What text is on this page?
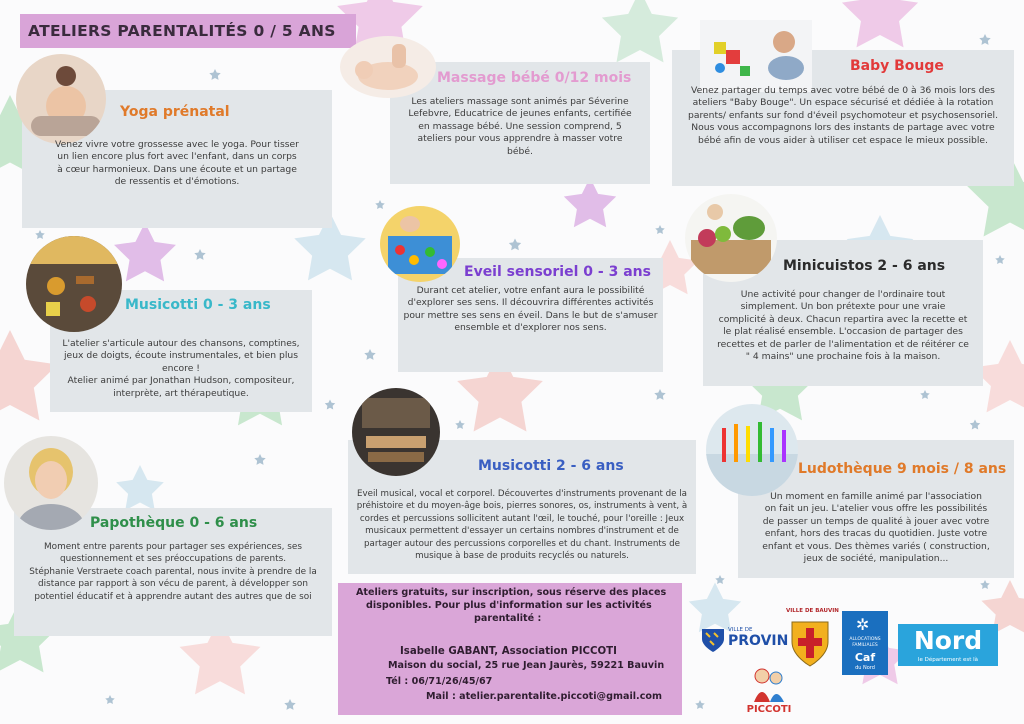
ATELIERS PARENTALITÉS 0 / 5 ANS
Yoga prénatal
Venez vivre votre grossesse avec le yoga. Pour tisser
un lien encore plus fort avec l'enfant, dans un corps
à cœur harmonieux. Dans une écoute et un partage
de ressentis et d'émotions.
Massage bébé 0/12 mois
Les ateliers massage sont animés par Séverine
Lefebvre, Educatrice de jeunes enfants, certifiée
en massage bébé. Une session comprend, 5
ateliers pour vous apprendre à masser votre
bébé.
Baby Bouge
Venez partager du temps avec votre bébé de 0 à 36 mois lors des
ateliers "Baby Bouge". Un espace sécurisé et dédiée à la rotation
parents/ enfants sur fond d'éveil psychomoteur et psychosensoriel.
Nous vous accompagnons lors des instants de partage avec votre
bébé afin de vous aider à utiliser cet espace le mieux possible.
Eveil sensoriel 0 - 3 ans
Durant cet atelier, votre enfant aura le possibilité
d'explorer ses sens. Il découvrira différentes activités
pour mettre ses sens en éveil. Dans le but de s'amuser
ensemble et d'explorer nos sens.
Minicuistos 2 - 6 ans
Une activité pour changer de l'ordinaire tout
simplement. Un bon prétexte pour une vraie
complicité à deux. Chacun repartira avec la recette et
le plat réalisé ensemble. L'occasion de partager des
recettes et de parler de l'alimentation et de réitérer ce
" 4 mains" une prochaine fois à la maison.
Musicotti 0 - 3 ans
L'atelier s'articule autour des chansons, comptines,
jeux de doigts, écoute instrumentales, et bien plus
encore !
Atelier animé par Jonathan Hudson, compositeur,
interprète, art thérapeutique.
Musicotti 2 - 6 ans
Eveil musical, vocal et corporel. Découvertes d'instruments provenant de la
préhistoire et du moyen-âge bois, pierres sonores, os, instruments à vent, à
cordes et percussions sollicitent autant l'œil, le touché, pour l'oreille : Jeux
musicaux permettent d'essayer un certains nombres d'instrument et de
partager autour des percussions corporelles et du chant. Instruments de
musique à base de produits recyclés ou naturels.
Ludothèque 9 mois / 8 ans
Un moment en famille animé par l'association
on fait un jeu. L'atelier vous offre les possibilités
de passer un temps de qualité à jouer avec votre
enfant, hors des tracas du quotidien. Juste votre
enfant et vous. Des thèmes variés ( construction,
jeux de société, manipulation...
Papothèque 0 - 6 ans
Moment entre parents pour partager ses expériences, ses
questionnement et ses préoccupations de parents.
Stéphanie Verstraete coach parental, nous invite à prendre de la
distance par rapport à son vécu de parent, à développer son
potentiel éducatif et à apprendre autant des autres que de soi	Ateliers gratuits, sur inscription, sous réserve des places
disponibles. Pour plus d'information sur les activités
parentalité :
Isabelle GABANT, Association PICCOTI
Maison du social, 25 rue Jean Jaurès, 59221 Bauvin
Tél : 06/71/26/45/67
Mail : atelier.parentalite.piccoti@gmail.com
VILLE DE
PROVIN
VILLE DE BAUVIN
✲
ALLOCATIONS
FAMILIALES
Caf
du Nord
Nord
le Département est là
PICCOTI
